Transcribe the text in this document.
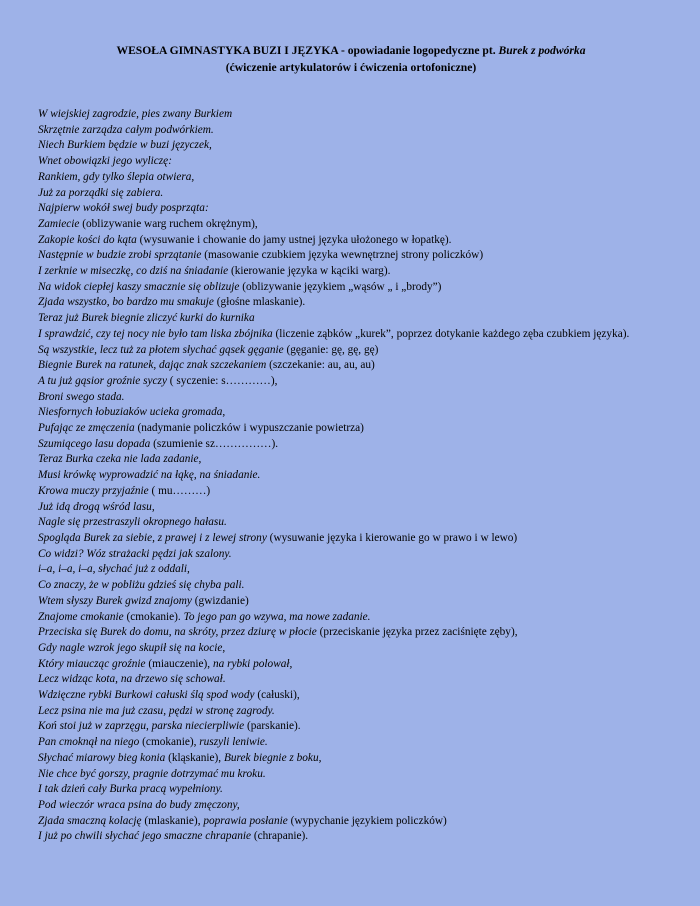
WESOŁA GIMNASTYKA BUZI I JĘZYKA - opowiadanie logopedyczne pt. Burek z podwórka
(ćwiczenie artykulatorów i ćwiczenia ortofoniczne)
W wiejskiej zagrodzie, pies zwany Burkiem
Skrzętnie zarządza całym podwórkiem.
Niech Burkiem będzie w buzi języczek,
Wnet obowiązki jego wyliczę:
Rankiem, gdy tylko ślepia otwiera,
Już za porządki się zabiera.
Najpierw wokół swej budy posprząta:
Zamiecie (oblizywanie warg ruchem okrężnym),
Zakopie kości do kąta (wysuwanie i chowanie do jamy ustnej języka ułożonego w łopatkę).
Następnie w budzie zrobi sprzątanie (masowanie czubkiem języka wewnętrznej strony policzków)
I zerknie w miseczkę, co dziś na śniadanie (kierowanie języka w kąciki warg).
Na widok ciepłej kaszy smacznie się oblizuje (oblizywanie językiem „wąsów „ i „brody”)
Zjada wszystko, bo bardzo mu smakuje (głośne mlaskanie).
Teraz już Burek biegnie zliczyć kurki do kurnika
I sprawdzić, czy tej nocy nie było tam liska zbójnika (liczenie ząbków „kurek”, poprzez dotykanie każdego zęba czubkiem języka).
Są wszystkie, lecz tuż za płotem słychać gąsek gęganie (gęganie: gę, gę, gę)
Biegnie Burek na ratunek, dając znak szczekaniem (szczekanie: au, au, au)
A tu już gąsior groźnie syczy ( syczenie: s…………),
Broni swego stada.
Niesfornych łobuziaków ucieka gromada,
Pufając ze zmęczenia (nadymanie policzków i wypuszczanie powietrza)
Szumiącego lasu dopada (szumienie sz……………).
Teraz Burka czeka nie lada zadanie,
Musi krówkę wyprowadzić na łąkę, na śniadanie.
Krowa muczy przyjaźnie ( mu………)
Już idą drogą wśród lasu,
Nagle się przestraszyli okropnego hałasu.
Spogląda Burek za siebie, z prawej i z lewej strony (wysuwanie języka i kierowanie go w prawo i w lewo)
Co widzi? Wóz strażacki pędzi jak szalony.
i–a, i–a, i–a, słychać już z oddali,
Co znaczy, że w pobliżu gdzieś się chyba pali.
Wtem słyszy Burek gwizd znajomy (gwizdanie)
Znajome cmokanie (cmokanie). To jego pan go wzywa, ma nowe zadanie.
Przeciska się Burek do domu, na skróty, przez dziurę w płocie (przeciskanie języka przez zaciśnięte zęby),
Gdy nagle wzrok jego skupił się na kocie,
Który miaucząc groźnie (miauczenie), na rybki polował,
Lecz widząc kota, na drzewo się schował.
Wdzięczne rybki Burkowi całuski ślą spod wody (całuski),
Lecz psina nie ma już czasu, pędzi w stronę zagrody.
Koń stoi już w zaprzęgu, parska niecierpliwie (parskanie).
Pan cmoknął na niego (cmokanie), ruszyli leniwie.
Słychać miarowy bieg konia (kląskanie), Burek biegnie z boku,
Nie chce być gorszy, pragnie dotrzymać mu kroku.
I tak dzień cały Burka pracą wypełniony.
Pod wieczór wraca psina do budy zmęczony,
Zjada smaczną kolację (mlaskanie), poprawia posłanie (wypychanie językiem policzków)
I już po chwili słychać jego smaczne chrapanie (chrapanie).
